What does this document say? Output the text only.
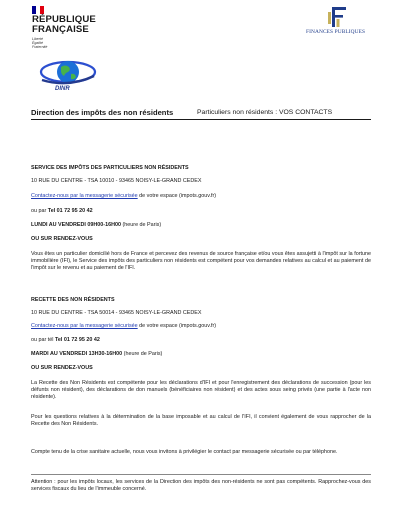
RÉPUBLIQUE
FRANÇAISE
Liberté
Égalité
Fraternité
FINANCES PUBLIQUES
DINR
Direction des impôts des non résidents	Particuliers non résidents : VOS CONTACTS
SERVICE DES IMPÔTS DES PARTICULIERS NON RÉSIDENTS
10 RUE DU CENTRE - TSA 10010 - 93465 NOISY-LE-GRAND CEDEX
Contactez-nous par la messagerie sécurisée de votre espace (impots.gouv.fr)
ou par Tel 01 72 95 20 42
LUNDI AU VENDREDI 09H00-16H00 (heure de Paris)
OU SUR RENDEZ-VOUS
Vous êtes un particulier domicilié hors de France et percevez des revenus de source française et/ou vous êtes assujetti à l'impôt sur la fortune immobilière (IFI), le Service des impôts des particuliers non résidents est compétent pour vos demandes relatives au calcul et au paiement de l'impôt sur le revenu et au paiement de l'IFI.
RECETTE DES NON RÉSIDENTS
10 RUE DU CENTRE - TSA 50014 - 93465 NOISY-LE-GRAND CEDEX
Contactez-nous par la messagerie sécurisée de votre espace (impots.gouv.fr)
ou par tél Tel 01 72 95 20 42
MARDI AU VENDREDI 13H30-16H00 (heure de Paris)
OU SUR RENDEZ-VOUS
La Recette des Non Résidents est compétente pour les déclarations d'IFI et pour l'enregistrement des déclarations de succession (pour les défunts non résident), des déclarations de don manuels (bénéficiaires non résident) et des actes sous seing privés (une partie à l'acte non résidente).
Pour les questions relatives à la détermination de la base imposable et au calcul de l'IFI, il convient également de vous rapprocher de la Recette des Non Résidents.
Compte tenu de la crise sanitaire actuelle, nous vous invitons à privilégier le contact par messagerie sécurisée ou par téléphone.
Attention : pour les impôts locaux, les services de la Direction des impôts des non-résidents ne sont pas compétents. Rapprochez-vous des services fiscaux du lieu de l'immeuble concerné.
